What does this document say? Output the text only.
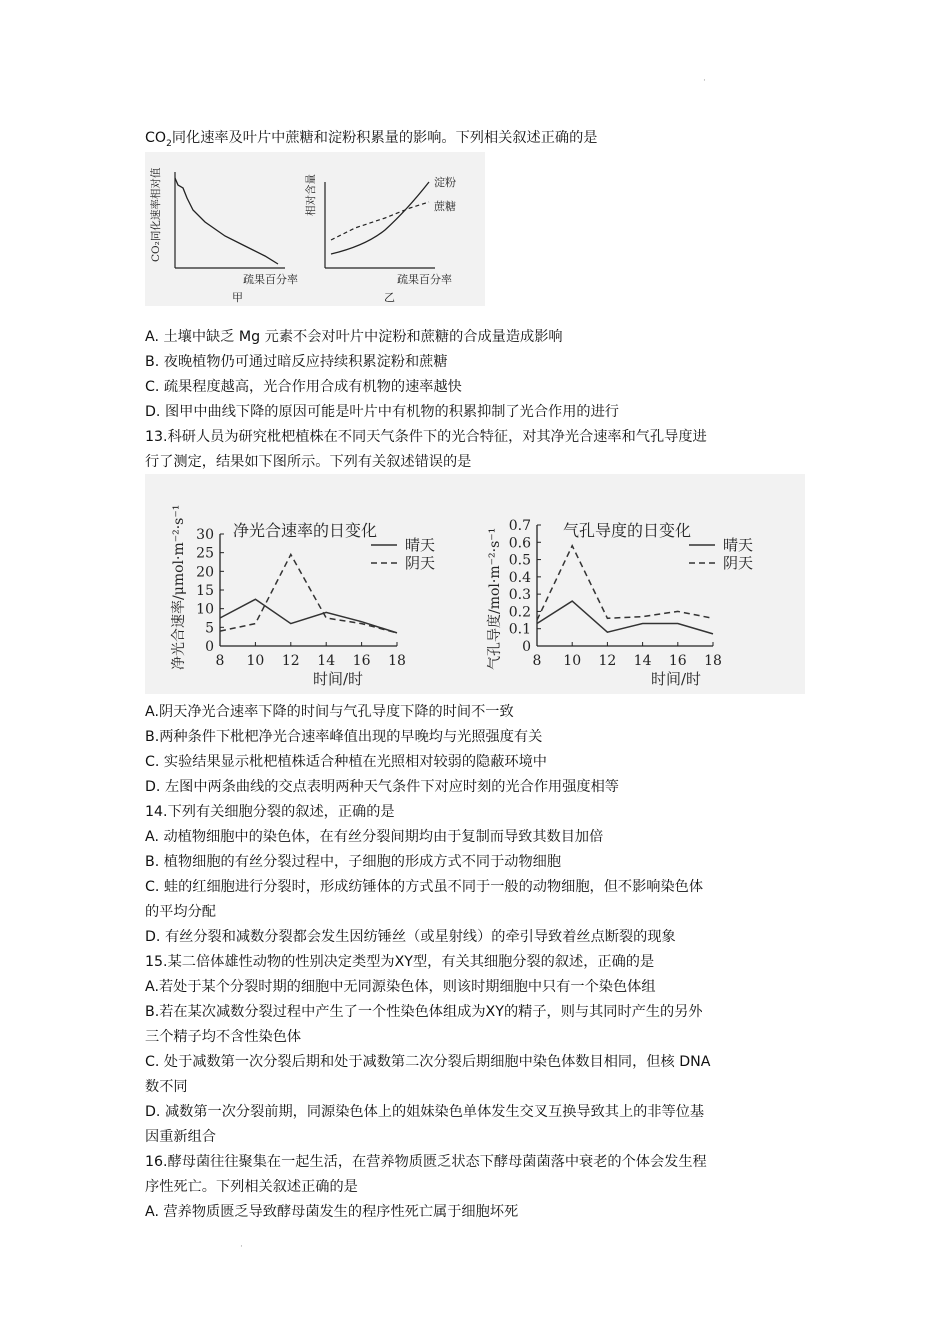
·
·
$CO_2$同化速率及叶片中蔗糖和淀粉积累量的影响。下列相关叙述正确的是
CO₂同化速率相对值
疏果百分率
甲
相对含量	淀粉
蔗糖
疏果百分率
乙
A. 土壤中缺乏 Mg 元素不会对叶片中淀粉和蔗糖的合成量造成影响
B. 夜晚植物仍可通过暗反应持续积累淀粉和蔗糖
C. 疏果程度越高，光合作用合成有机物的速率越快
D. 图甲中曲线下降的原因可能是叶片中有机物的积累抑制了光合作用的进行
13.科研人员为研究枇杷植株在不同天气条件下的光合特征，对其净光合速率和气孔导度进
行了测定，结果如下图所示。下列有关叙述错误的是
0
5
10
15
20
25
30
8 10 12 14 16 18
晴天
阴天
净光合速率的日变化
净光合速率/μmol·m⁻²·s⁻¹
时间/时
0
0.1
0.2
0.3
0.4
0.5
0.6
0.7
8 10 12 14 16 18
晴天
阴天
气孔导度的日变化
气孔导度/mol·m⁻²·s⁻¹
时间/时
A.阴天净光合速率下降的时间与气孔导度下降的时间不一致
B.两种条件下枇杷净光合速率峰值出现的早晚均与光照强度有关
C. 实验结果显示枇杷植株适合种植在光照相对较弱的隐蔽环境中
D. 左图中两条曲线的交点表明两种天气条件下对应时刻的光合作用强度相等
14.下列有关细胞分裂的叙述，正确的是
A. 动植物细胞中的染色体，在有丝分裂间期均由于复制而导致其数目加倍
B. 植物细胞的有丝分裂过程中，子细胞的形成方式不同于动物细胞
C. 蛙的红细胞进行分裂时，形成纺锤体的方式虽不同于一般的动物细胞，但不影响染色体
的平均分配
D. 有丝分裂和减数分裂都会发生因纺锤丝（或星射线）的牵引导致着丝点断裂的现象
15.某二倍体雄性动物的性别决定类型为XY型，有关其细胞分裂的叙述，正确的是
A.若处于某个分裂时期的细胞中无同源染色体，则该时期细胞中只有一个染色体组
B.若在某次减数分裂过程中产生了一个性染色体组成为XY的精子，则与其同时产生的另外
三个精子均不含性染色体
C. 处于减数第一次分裂后期和处于减数第二次分裂后期细胞中染色体数目相同，但核 DNA
数不同
D. 减数第一次分裂前期，同源染色体上的姐妹染色单体发生交叉互换导致其上的非等位基
因重新组合
16.酵母菌往往聚集在一起生活，在营养物质匮乏状态下酵母菌菌落中衰老的个体会发生程
序性死亡。下列相关叙述正确的是
A. 营养物质匮乏导致酵母菌发生的程序性死亡属于细胞坏死
